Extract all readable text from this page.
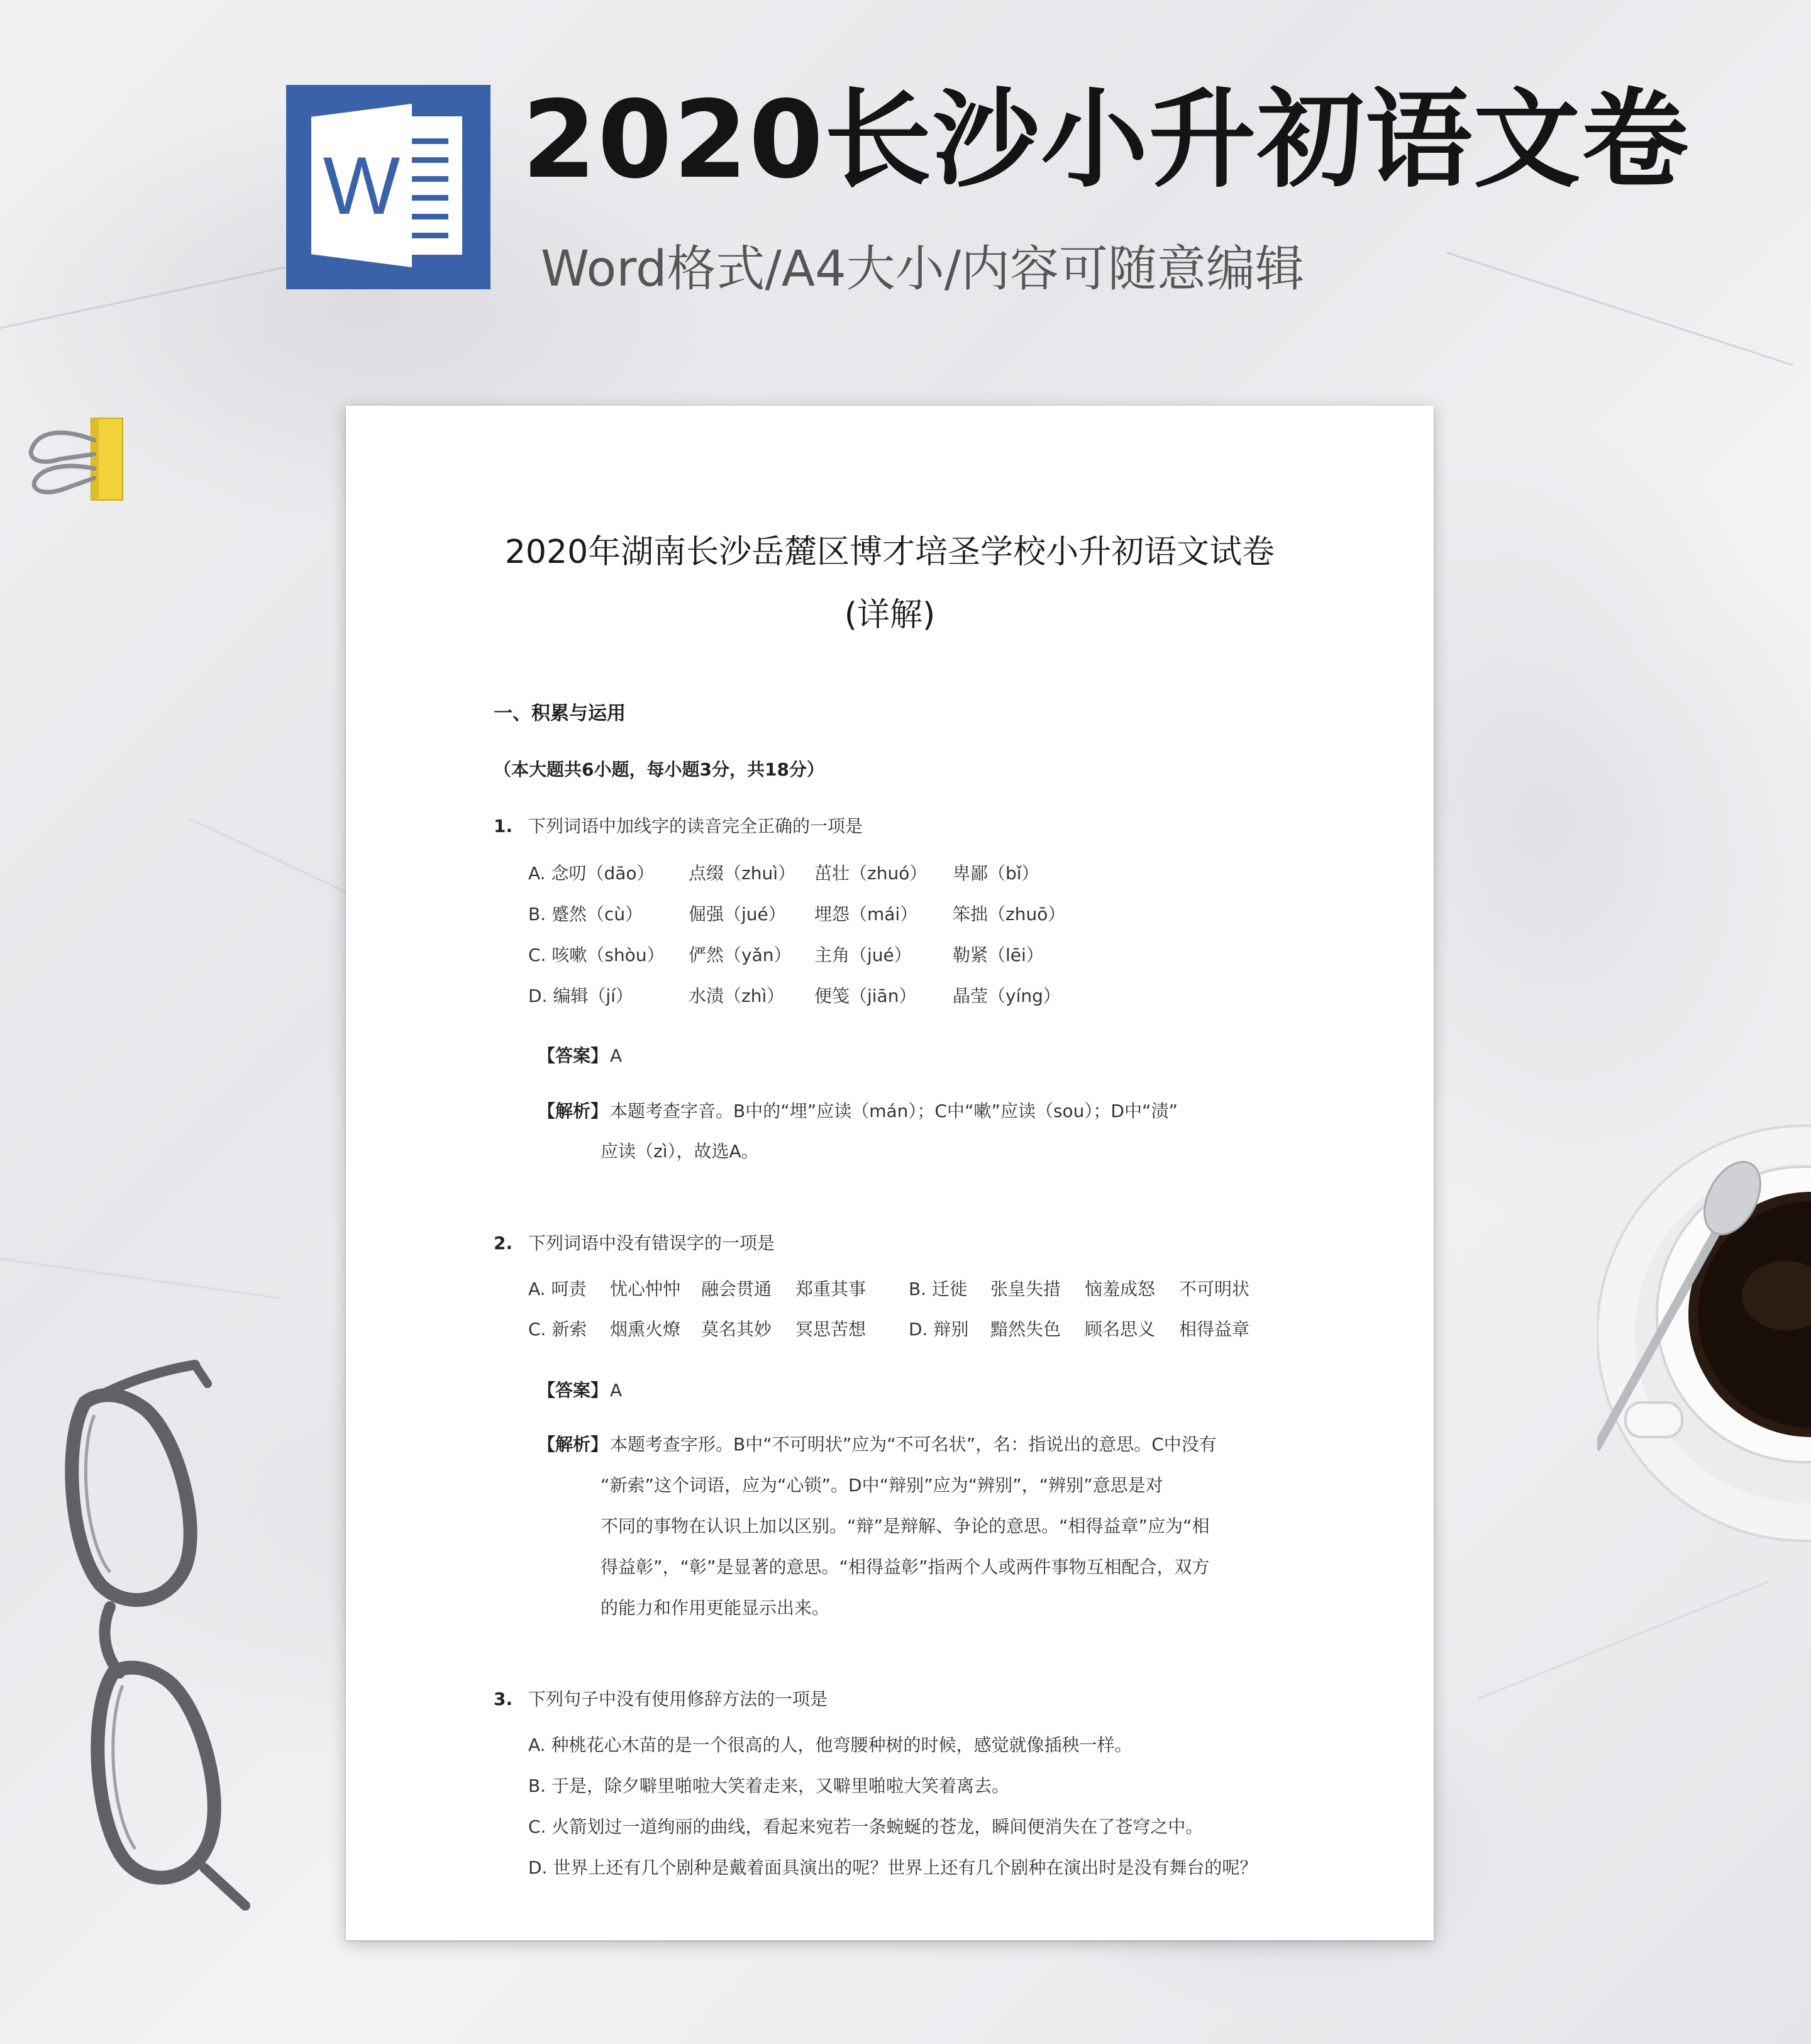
W 2020长沙小升初语文卷
Word格式/A4大小/内容可随意编辑
2020年湖南长沙岳麓区博才培圣学校小升初语文试卷
(详解)
一、积累与运用
（本大题共6小题，每小题3分，共18分）
1. 下列词语中加线字的读音完全正确的一项是
A. 念叨（dāo） 点缀（zhuì） 茁壮（zhuó） 卑鄙（bǐ）
B. 蹙然（cù）	倔强（jué） 埋怨（mái） 笨拙（zhuō）
C. 咳嗽（shòu） 俨然（yǎn） 主角（jué） 勒紧（lēi）
D. 编辑（jí）	水渍（zhì） 便笺（jiān） 晶莹（yíng）
【答案】 A
【解析】 本题考查字音。B中的“埋”应读（mán）；C中“嗽”应读（sou）；D中“渍”
应读（zì），故选A。
2. 下列词语中没有错误字的一项是
A. 呵责 忧心忡忡 融会贯通 郑重其事 B. 迁徙 张皇失措 恼羞成怒 不可明状
C. 新索 烟熏火燎 莫名其妙 冥思苦想 D. 辩别 黯然失色 顾名思义 相得益章
【答案】 A
【解析】 本题考查字形。B中“不可明状”应为“不可名状”，名：指说出的意思。C中没有
“新索”这个词语，应为“心锁”。D中“辩别”应为“辨别”，“辨别”意思是对
不同的事物在认识上加以区别。“辩”是辩解、争论的意思。“相得益章”应为“相
得益彰”，“彰”是显著的意思。“相得益彰”指两个人或两件事物互相配合，双方
的能力和作用更能显示出来。
3. 下列句子中没有使用修辞方法的一项是
A. 种桃花心木苗的是一个很高的人，他弯腰种树的时候，感觉就像插秧一样。
B. 于是，除夕噼里啪啦大笑着走来，又噼里啪啦大笑着离去。
C. 火箭划过一道绚丽的曲线，看起来宛若一条蜿蜒的苍龙，瞬间便消失在了苍穹之中。
D. 世界上还有几个剧种是戴着面具演出的呢？世界上还有几个剧种在演出时是没有舞台的呢？
